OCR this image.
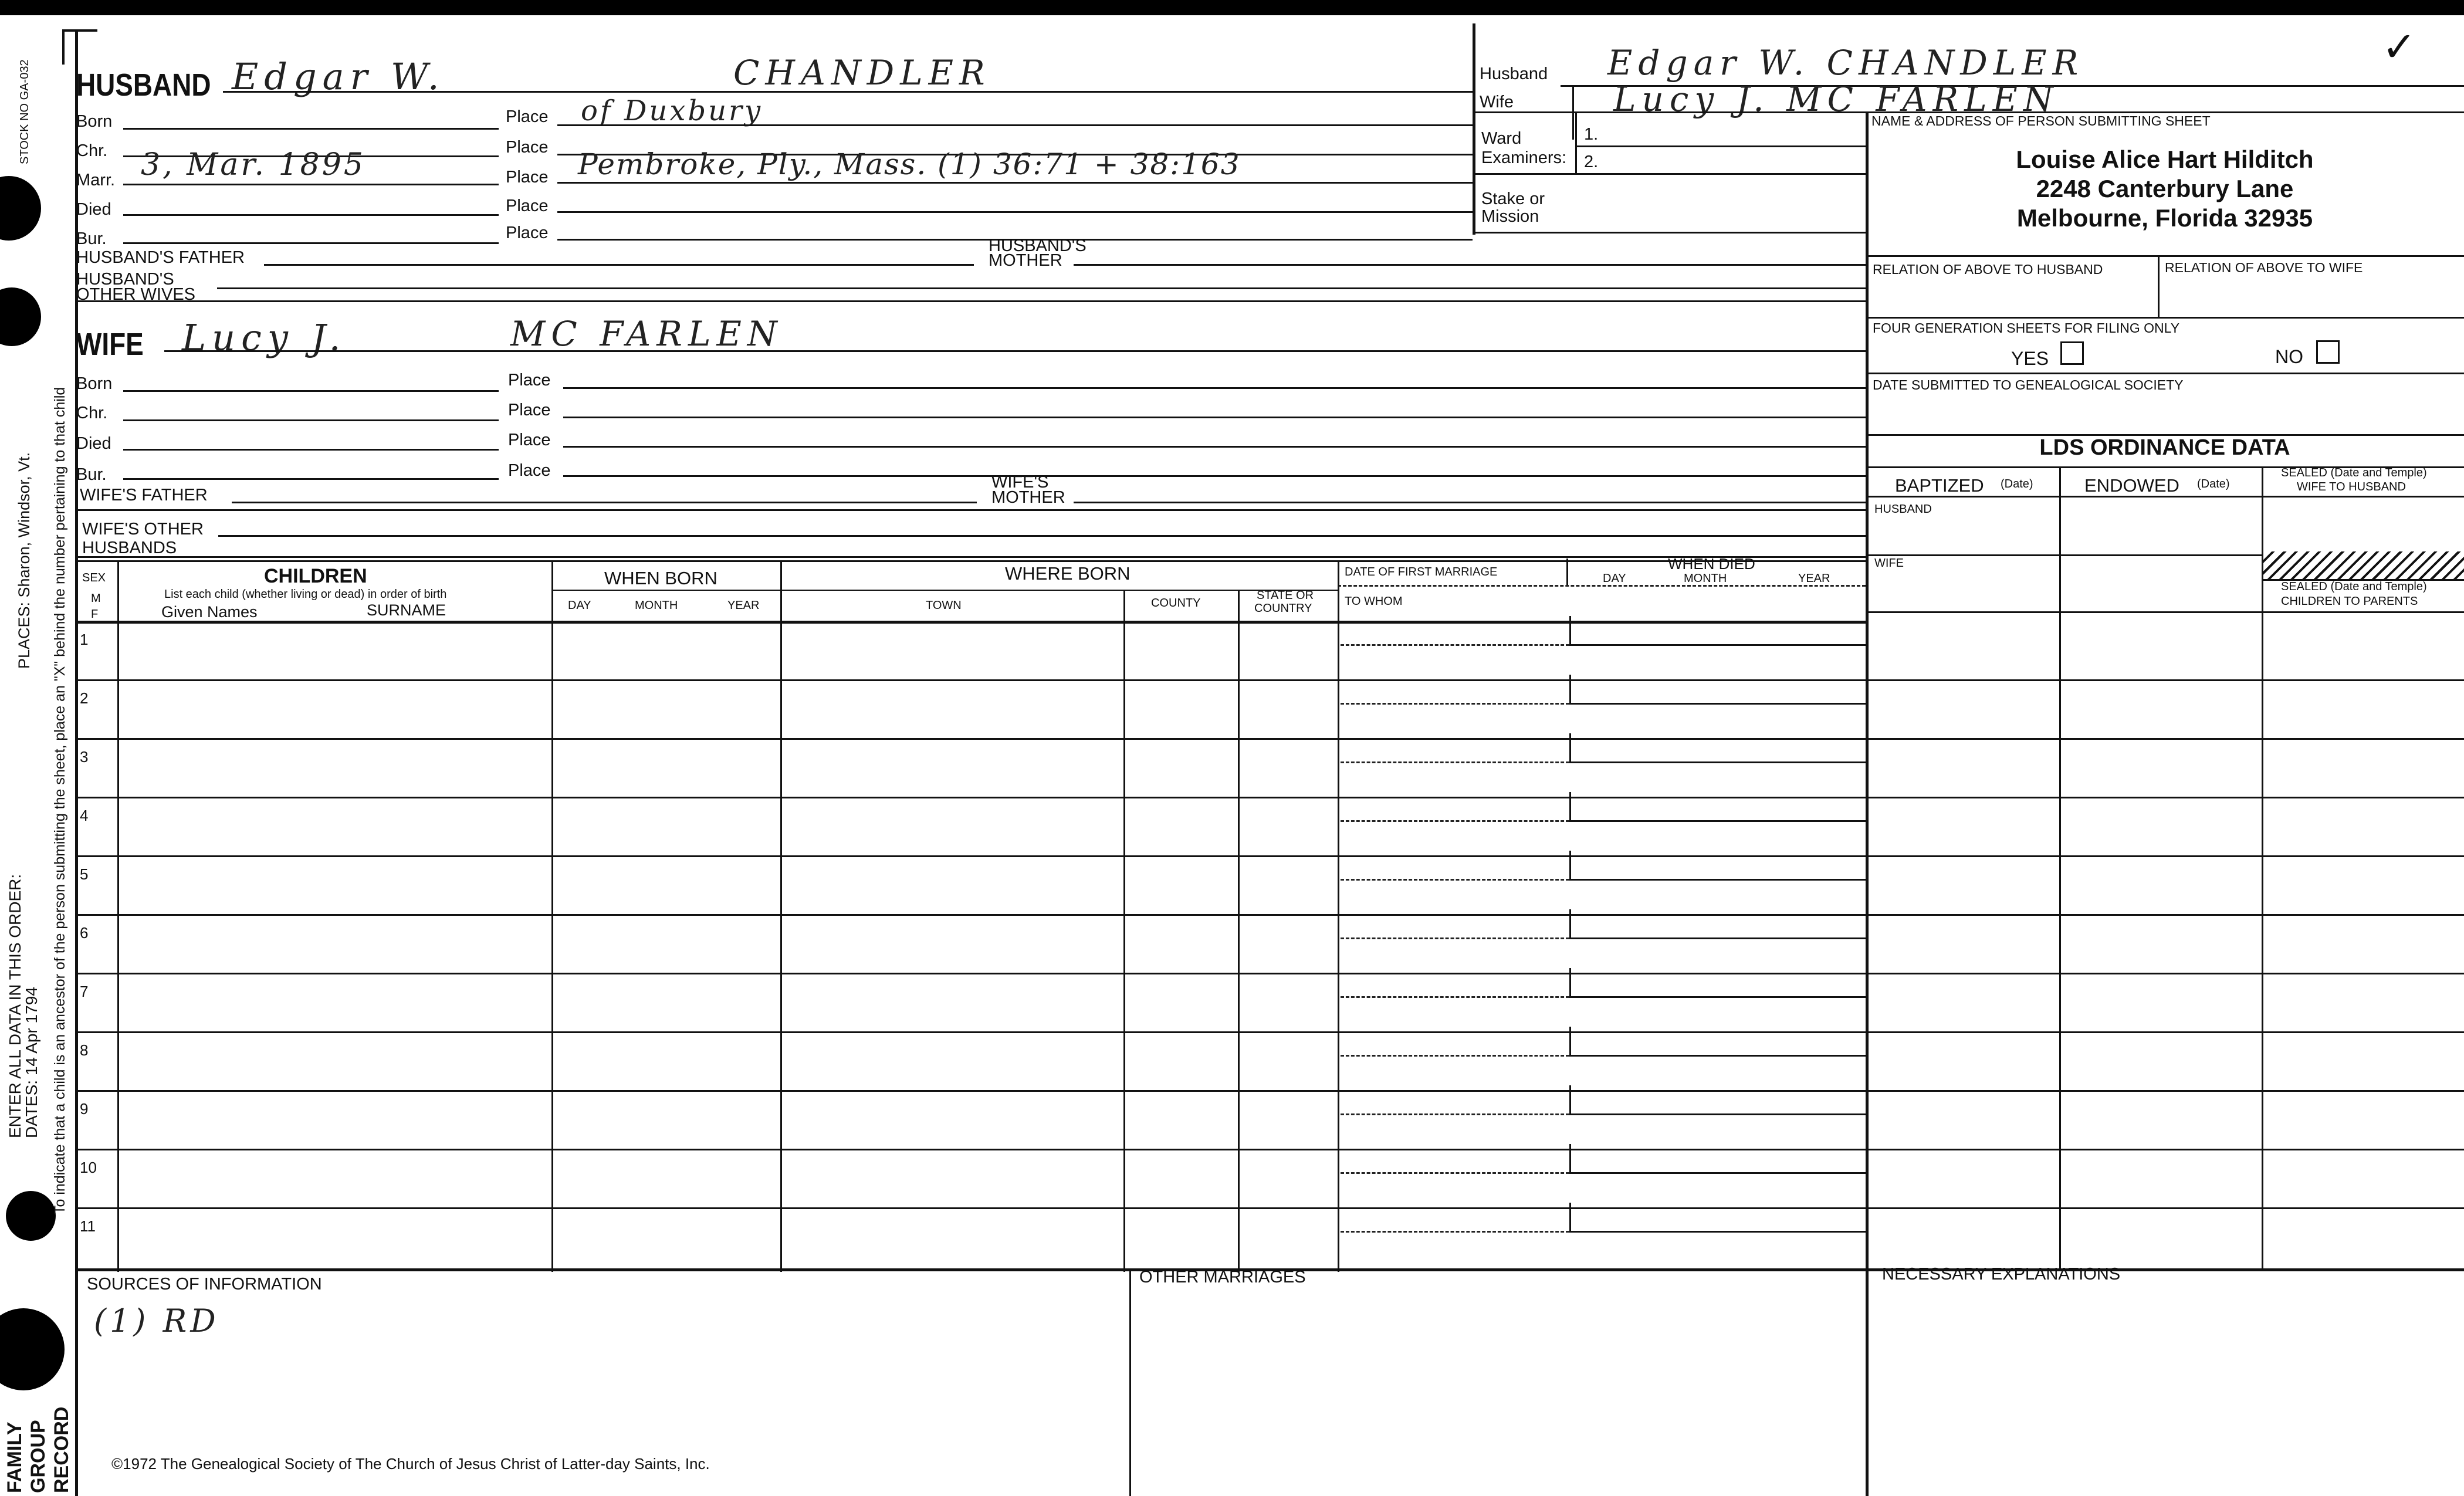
STOCK NO GA-032
PLACES: Sharon, Windsor, Vt. To indicate that a child is an ancestor of the person submitting the sheet, place an "X" behind the number pertaining to that child
ENTER ALL DATA IN THIS ORDER:
DATES: 14 Apr 1794
FAMILY GROUP RECORD
HUSBAND Edgar W.	CHANDLER
Born	Place of Duxbury
Chr.	Place
Marr. 3, Mar. 1895	Place Pembroke, Ply., Mass. (1) 36:71 + 38:163
Died	Place
Bur.	Place
HUSBAND'S FATHER
HUSBAND'S
MOTHER
HUSBAND'S
OTHER WIVES
WIFE Lucy J.	MC FARLEN
Born	Place
Chr.	Place
Died	Place
Bur.	Place
WIFE'S FATHER
WIFE'S
MOTHER
WIFE'S OTHER
HUSBANDS
Husband Edgar W. CHANDLER
Wife	Lucy J. MC FARLEN
✓
Ward
Examiners:
1.
2.
Stake or
Mission
NAME & ADDRESS OF PERSON SUBMITTING SHEET
Louise Alice Hart Hilditch
2248 Canterbury Lane
Melbourne, Florida 32935
RELATION OF ABOVE TO HUSBAND	RELATION OF ABOVE TO WIFE
FOUR GENERATION SHEETS FOR FILING ONLY
YES	NO
DATE SUBMITTED TO GENEALOGICAL SOCIETY
LDS ORDINANCE DATA
BAPTIZED (Date)	ENDOWED (Date)
SEALED (Date and Temple)
WIFE TO HUSBAND
HUSBAND
WIFE
SEALED (Date and Temple)
CHILDREN TO PARENTS
SEX
M
F
CHILDREN
List each child (whether living or dead) in order of birth
Given Names	SURNAME
WHEN BORN
DAY	MONTH	YEAR
WHERE BORN
TOWN	COUNTY
STATE OR
COUNTRY
DATE OF FIRST MARRIAGE
TO WHOM
WHEN DIED
DAY	MONTH	YEAR
1
2
3
4
5
6
7
8
9
10
11
SOURCES OF INFORMATION
(1) RD
OTHER MARRIAGES	NECESSARY EXPLANATIONS
©1972 The Genealogical Society of The Church of Jesus Christ of Latter-day Saints, Inc.
